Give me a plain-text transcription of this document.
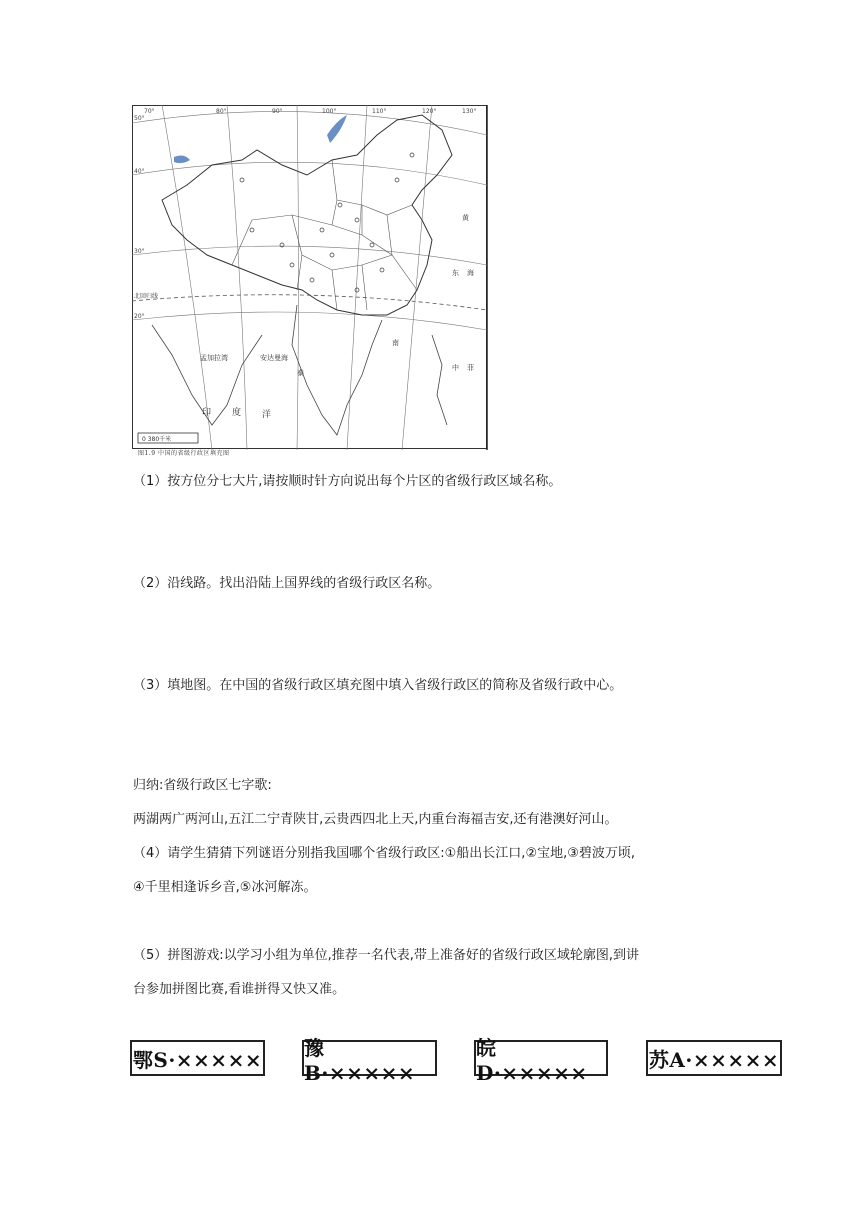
0 380千米
50°
40°
30°
20°
70°	80°	90°	100°	110°	120°	130°
北回归线
黄
东 海
南
孟加拉湾	安达曼海
印 度 洋
泰
中 菲
图1.9 中国的省级行政区填充图
（1）按方位分七大片,请按顺时针方向说出每个片区的省级行政区域名称。
（2）沿线路。找出沿陆上国界线的省级行政区名称。
（3）填地图。在中国的省级行政区填充图中填入省级行政区的简称及省级行政中心。
归纳:省级行政区七字歌:
两湖两广两河山,五江二宁青陕甘,云贵西四北上天,内重台海福吉安,还有港澳好河山。
（4）请学生猜猜下列谜语分别指我国哪个省级行政区:①船出长江口,②宝地,③碧波万顷,
④千里相逢诉乡音,⑤冰河解冻。
（5）拼图游戏:以学习小组为单位,推荐一名代表,带上准备好的省级行政区域轮廓图,到讲
台参加拼图比赛,看谁拼得又快又准。
鄂S·××××× 豫B·×××××
皖D·×××××
苏A·×××××
